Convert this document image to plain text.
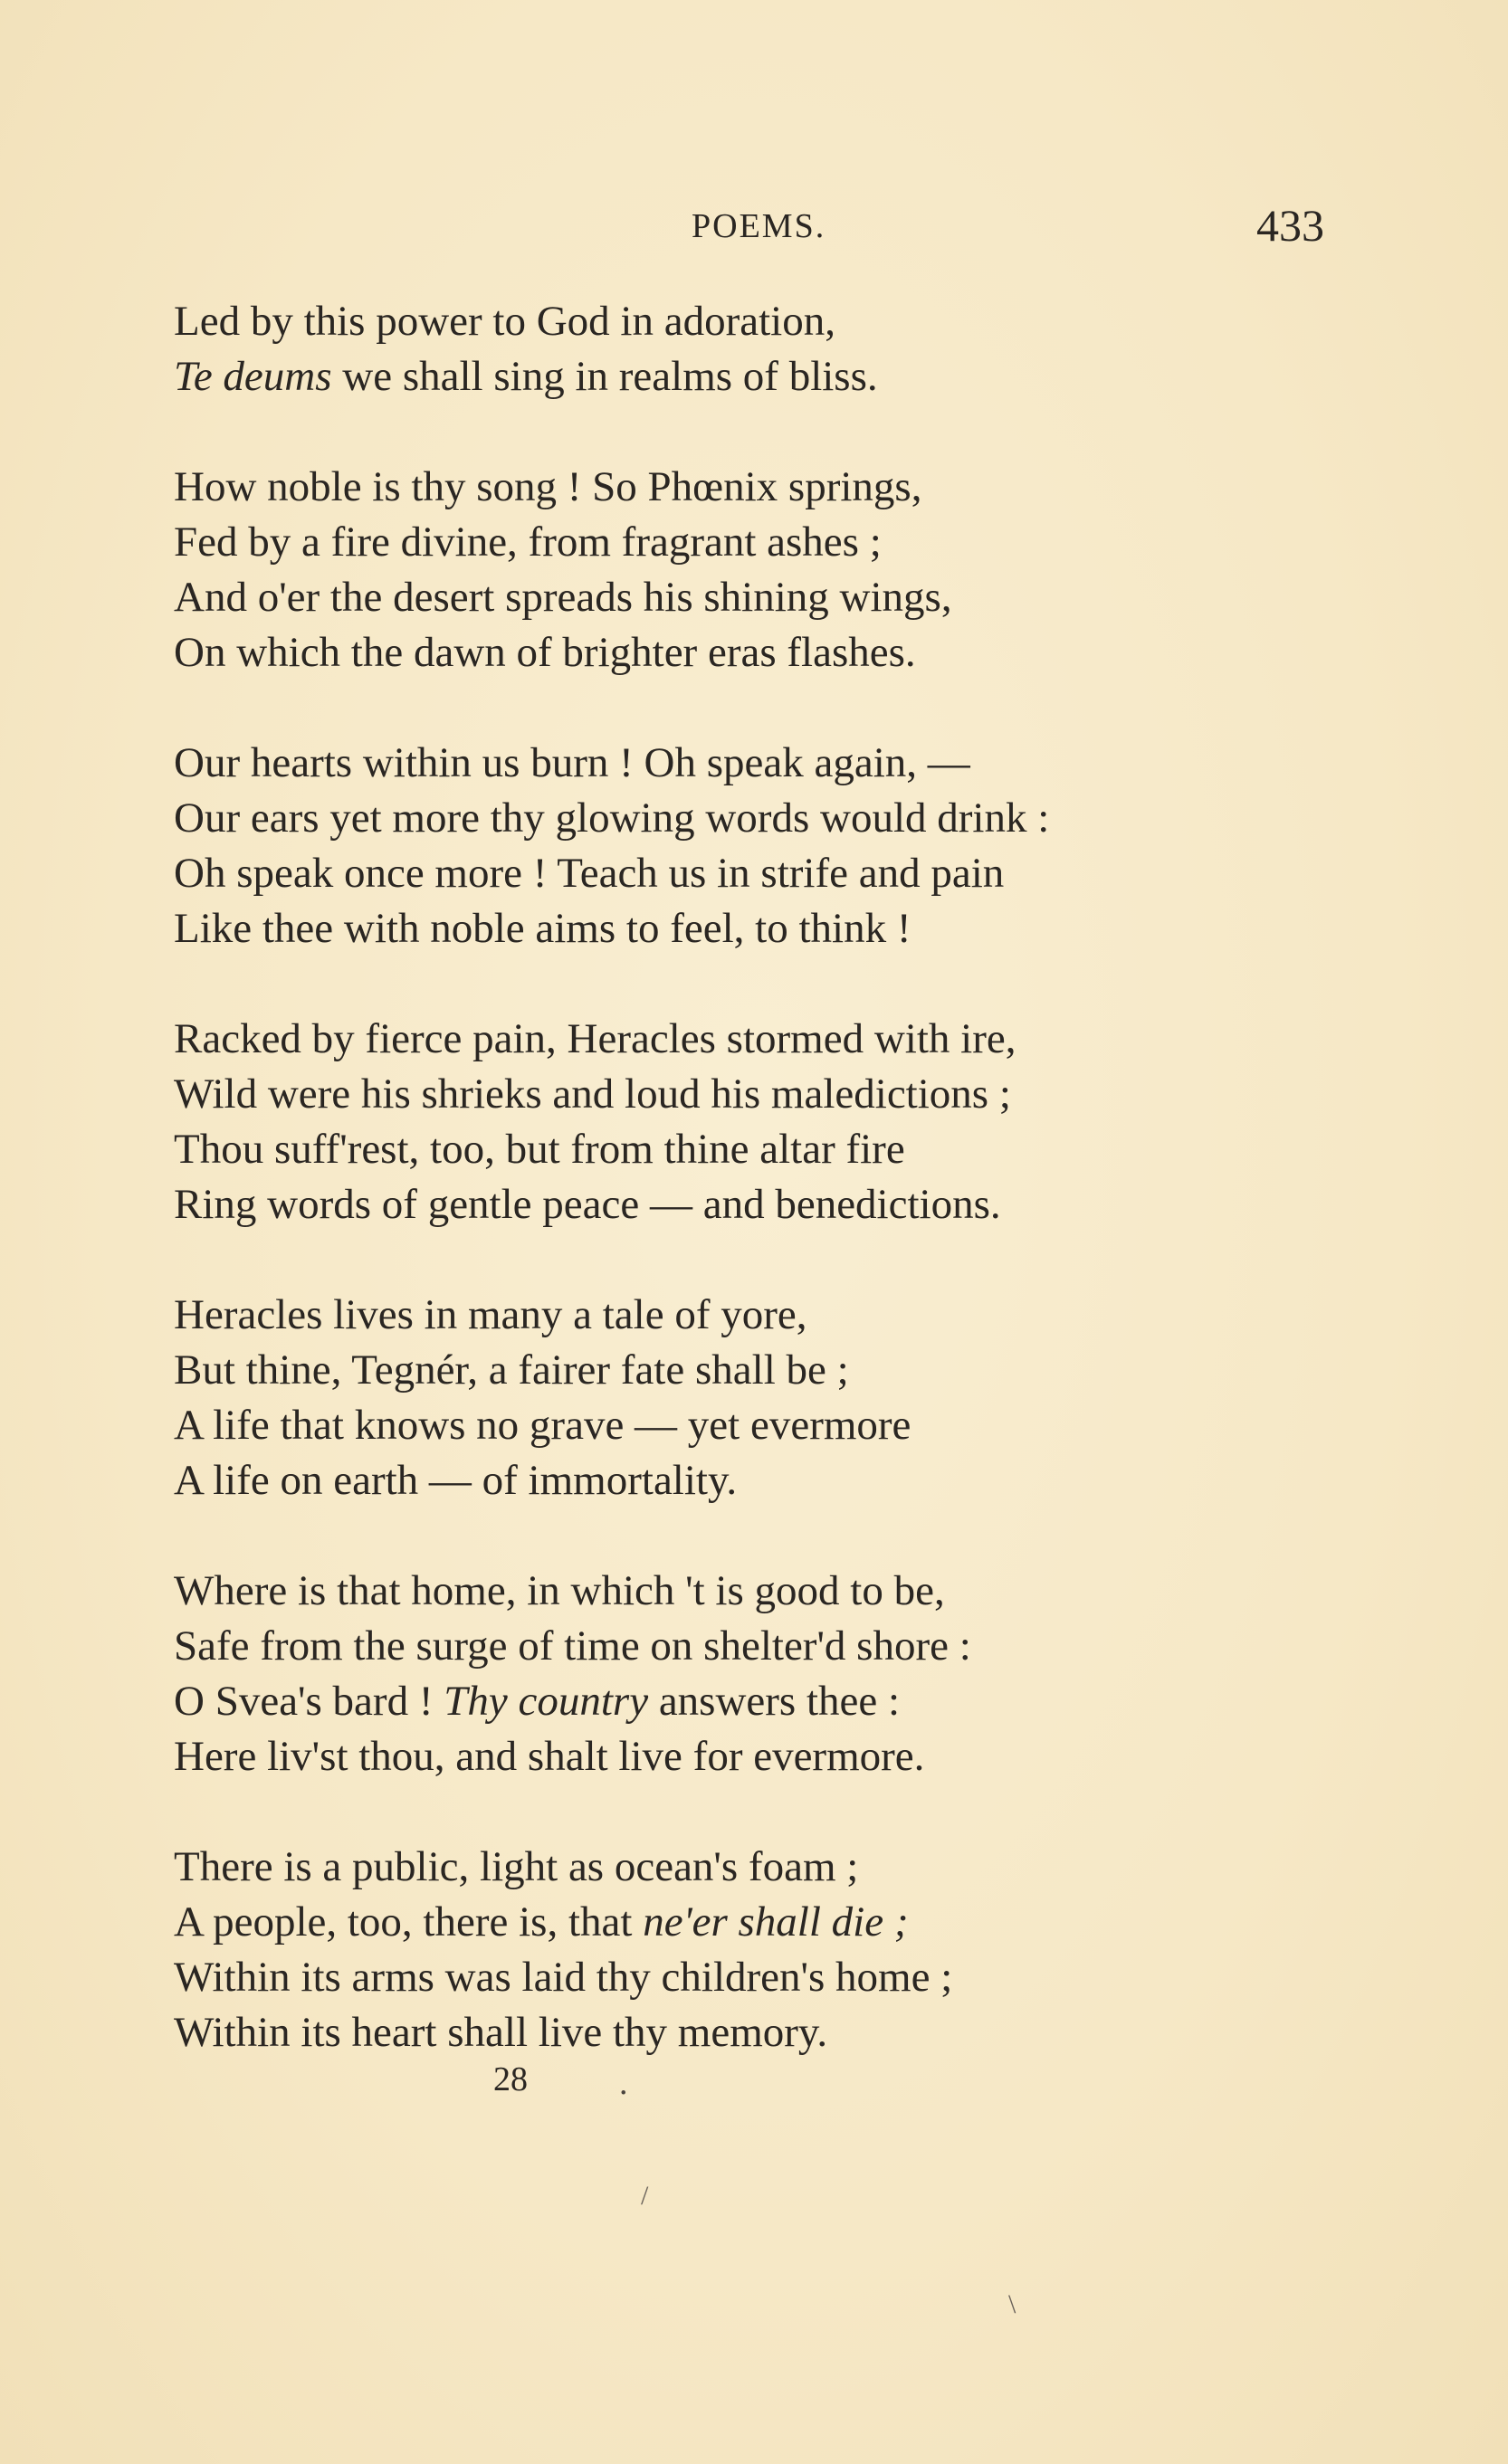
POEMS.	433
Led by this power to God in adoration,
Te deums we shall sing in realms of bliss.
How noble is thy song ! So Phœnix springs,
Fed by a fire divine, from fragrant ashes ;
And o'er the desert spreads his shining wings,
On which the dawn of brighter eras flashes.
Our hearts within us burn ! Oh speak again, —
Our ears yet more thy glowing words would drink :
Oh speak once more ! Teach us in strife and pain
Like thee with noble aims to feel, to think !
Racked by fierce pain, Heracles stormed with ire,
Wild were his shrieks and loud his maledictions ;
Thou suff'rest, too, but from thine altar fire
Ring words of gentle peace — and benedictions.
Heracles lives in many a tale of yore,
But thine, Tegnér, a fairer fate shall be ;
A life that knows no grave — yet evermore
A life on earth — of immortality.
Where is that home, in which 't is good to be,
Safe from the surge of time on shelter'd shore :
O Svea's bard ! Thy country answers thee :
Here liv'st thou, and shalt live for evermore.
There is a public, light as ocean's foam ;
A people, too, there is, that ne'er shall die ;
Within its arms was laid thy children's home ;
Within its heart shall live thy memory.
28	.
/
\
